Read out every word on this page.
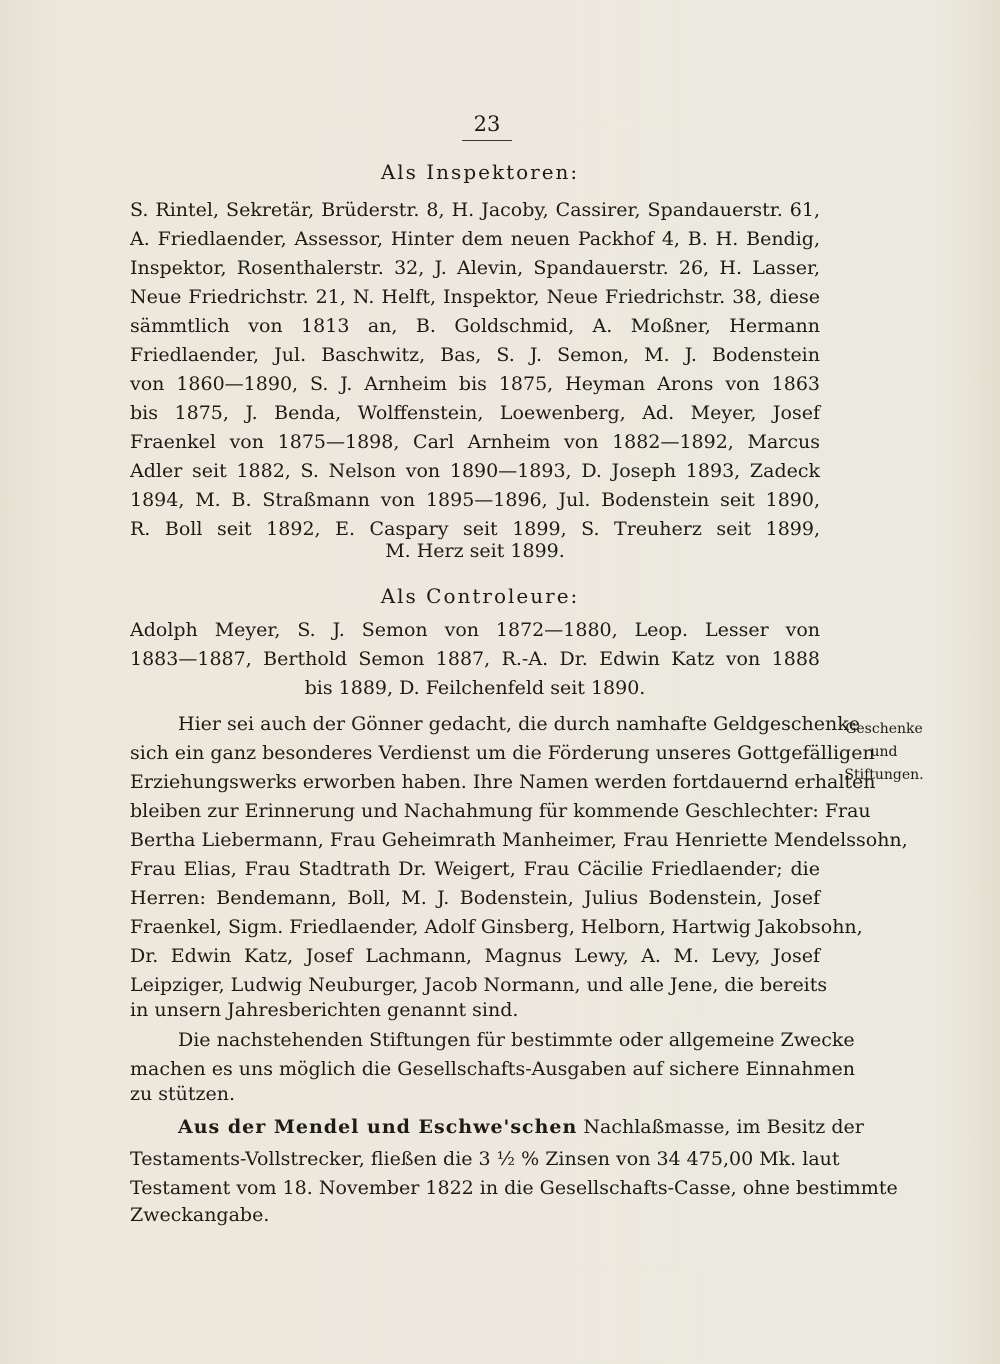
23
Als Inspektoren:
S. Rintel, Sekretär, Brüderstr. 8, H. Jacoby, Cassirer, Spandauerstr. 61,
A. Friedlaender, Assessor, Hinter dem neuen Packhof 4, B. H. Bendig,
Inspektor, Rosenthalerstr. 32, J. Alevin, Spandauerstr. 26, H. Lasser,
Neue Friedrichstr. 21, N. Helft, Inspektor, Neue Friedrichstr. 38, diese
sämmtlich von 1813 an, B. Goldschmid, A. Moßner, Hermann
Friedlaender, Jul. Baschwitz, Bas, S. J. Semon, M. J. Bodenstein
von 1860—1890, S. J. Arnheim bis 1875, Heyman Arons von 1863
bis 1875, J. Benda, Wolffenstein, Loewenberg, Ad. Meyer, Josef
Fraenkel von 1875—1898, Carl Arnheim von 1882—1892, Marcus
Adler seit 1882, S. Nelson von 1890—1893, D. Joseph 1893, Zadeck
1894, M. B. Straßmann von 1895—1896, Jul. Bodenstein seit 1890,
R. Boll seit 1892, E. Caspary seit 1899, S. Treuherz seit 1899,
M. Herz seit 1899.
Als Controleure:
Adolph Meyer, S. J. Semon von 1872—1880, Leop. Lesser von
1883—1887, Berthold Semon 1887, R.-A. Dr. Edwin Katz von 1888
bis 1889, D. Feilchenfeld seit 1890.
Geschenke
und
Stiftungen.
Hier sei auch der Gönner gedacht, die durch namhafte Geldgeschenke
sich ein ganz besonderes Verdienst um die Förderung unseres Gottgefälligen
Erziehungswerks erworben haben. Ihre Namen werden fortdauernd erhalten
bleiben zur Erinnerung und Nachahmung für kommende Geschlechter: Frau
Bertha Liebermann, Frau Geheimrath Manheimer, Frau Henriette Mendelssohn,
Frau Elias, Frau Stadtrath Dr. Weigert, Frau Cäcilie Friedlaender; die
Herren: Bendemann, Boll, M. J. Bodenstein, Julius Bodenstein, Josef
Fraenkel, Sigm. Friedlaender, Adolf Ginsberg, Helborn, Hartwig Jakobsohn,
Dr. Edwin Katz, Josef Lachmann, Magnus Lewy, A. M. Levy, Josef
Leipziger, Ludwig Neuburger, Jacob Normann, und alle Jene, die bereits
in unsern Jahresberichten genannt sind.
Die nachstehenden Stiftungen für bestimmte oder allgemeine Zwecke
machen es uns möglich die Gesellschafts-Ausgaben auf sichere Einnahmen
zu stützen.
Aus der Mendel und Eschwe'schen Nachlaßmasse, im Besitz der
Testaments-Vollstrecker, fließen die 3 ½ % Zinsen von 34 475,00 Mk. laut
Testament vom 18. November 1822 in die Gesellschafts-Casse, ohne bestimmte
Zweckangabe.
